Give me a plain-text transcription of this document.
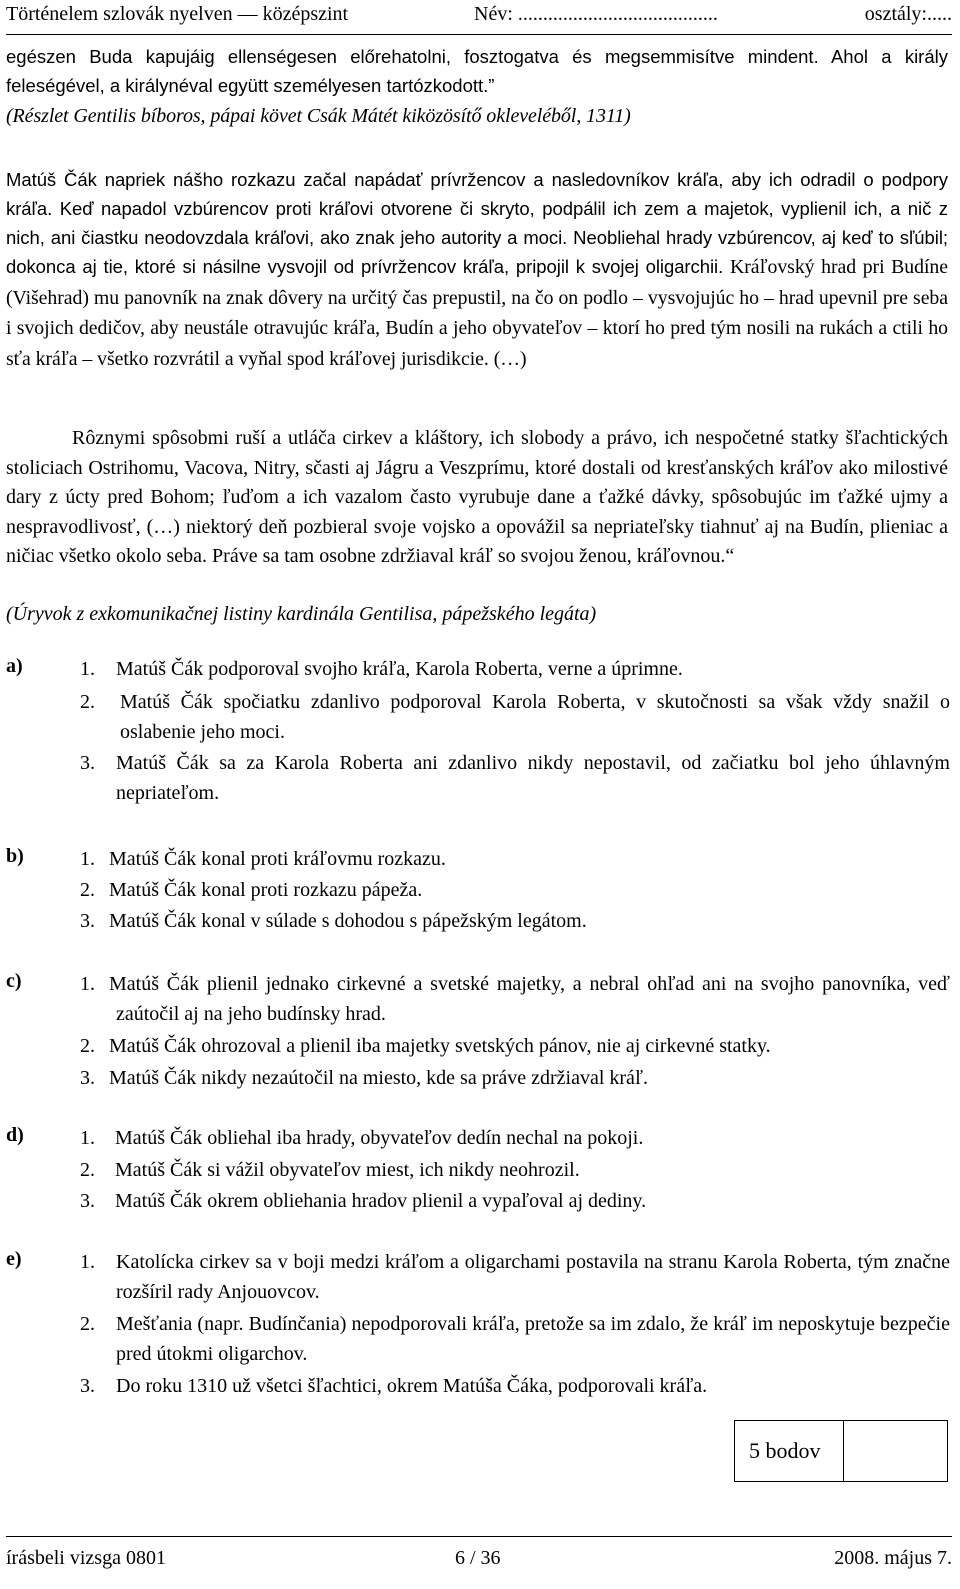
Történelem szlovák nyelven — középszint	Név: ........................................	osztály:.....
egészen Buda kapujáig ellenségesen előrehatolni, fosztogatva és megsemmisítve mindent. Ahol a király feleségével, a királynéval együtt személyesen tartózkodott.”
(Részlet Gentilis bíboros, pápai követ Csák Mátét kiközösítő okleveléből, 1311)
Matúš Čák napriek nášho rozkazu začal napádať prívržencov a nasledovníkov kráľa, aby ich odradil o podpory kráľa. Keď napadol vzbúrencov proti kráľovi otvorene či skryto, podpálil ich zem a majetok, vyplienil ich, a nič z nich, ani čiastku neodovzdala kráľovi, ako znak jeho autority a moci. Neobliehal hrady vzbúrencov, aj keď to sľúbil; dokonca aj tie, ktoré si násilne vysvojil od prívržencov kráľa, pripojil k svojej oligarchii. Kráľovský hrad pri Budíne (Višehrad) mu panovník na znak dôvery na určitý čas prepustil, na čo on podlo – vysvojujúc ho – hrad upevnil pre seba i svojich dedičov, aby neustále otravujúc kráľa, Budín a jeho obyvateľov – ktorí ho pred tým nosili na rukách a ctili ho sťa kráľa – všetko rozvrátil a vyňal spod kráľovej jurisdikcie. (…)
Rôznymi spôsobmi ruší a utláča cirkev a kláštory, ich slobody a právo, ich nespočetné statky šľachtických stoliciach Ostrihomu, Vacova, Nitry, sčasti aj Jágru a Veszprímu, ktoré dostali od kresťanských kráľov ako milostivé dary z úcty pred Bohom; ľuďom a ich vazalom často vyrubuje dane a ťažké dávky, spôsobujúc im ťažké ujmy a nespravodlivosť, (…) niektorý deň pozbieral svoje vojsko a opovážil sa nepriateľsky tiahnuť aj na Budín, plieniac a ničiac všetko okolo seba. Práve sa tam osobne zdržiaval kráľ so svojou ženou, kráľovnou.“
(Úryvok z exkomunikačnej listiny kardinála Gentilisa, pápežského legáta)
a)	1.	Matúš Čák podporoval svojho kráľa, Karola Roberta, verne a úprimne.
2.	Matúš Čák spočiatku zdanlivo podporoval Karola Roberta, v skutočnosti sa však vždy snažil o oslabenie jeho moci.
3.	Matúš Čák sa za Karola Roberta ani zdanlivo nikdy nepostavil, od začiatku bol jeho úhlavným nepriateľom.
b)	1. Matúš Čák konal proti kráľovmu rozkazu.
2. Matúš Čák konal proti rozkazu pápeža.
3. Matúš Čák konal v súlade s dohodou s pápežským legátom.
c)	1. Matúš Čák plienil jednako cirkevné a svetské majetky, a nebral ohľad ani na svojho panovníka, veď zaútočil aj na jeho budínsky hrad.
2. Matúš Čák ohrozoval a plienil iba majetky svetských pánov, nie aj cirkevné statky.
3. Matúš Čák nikdy nezaútočil na miesto, kde sa práve zdržiaval kráľ.
d)	1.	Matúš Čák obliehal iba hrady, obyvateľov dedín nechal na pokoji.
2.	Matúš Čák si vážil obyvateľov miest, ich nikdy neohrozil.
3.	Matúš Čák okrem obliehania hradov plienil a vypaľoval aj dediny.
e)	1.	Katolícka cirkev sa v boji medzi kráľom a oligarchami postavila na stranu Karola Roberta, tým značne rozšíril rady Anjouovcov.
2.	Mešťania (napr. Budínčania) nepodporovali kráľa, pretože sa im zdalo, že kráľ im neposkytuje bezpečie pred útokmi oligarchov.
3.	Do roku 1310 už všetci šľachtici, okrem Matúša Čáka, podporovali kráľa.
5 bodov
írásbeli vizsga 0801	6 / 36	2008. május 7.
